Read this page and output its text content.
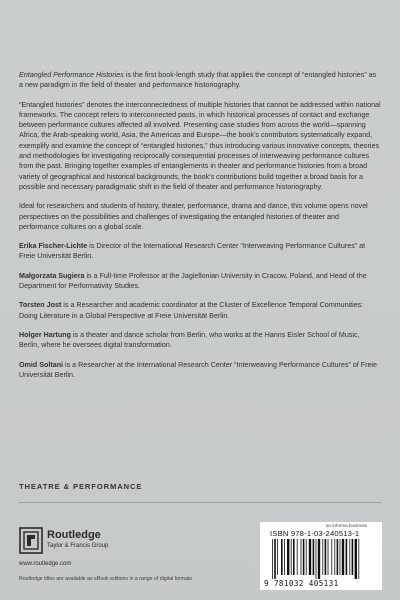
Entangled Performance Histories is the first book-length study that applies the concept of “entangled histories” as a new paradigm in the field of theater and performance historiography.

“Entangled histories” denotes the interconnectedness of multiple histories that cannot be addressed within national frameworks. The concept refers to interconnected pasts, in which historical processes of contact and exchange between performance cultures affected all involved. Presenting case studies from across the world—spanning Africa, the Arab-speaking world, Asia, the Americas and Europe—the book’s contributors systematically expand, exemplify and examine the concept of “entangled histories,” thus introducing various innovative concepts, theories and methodologies for investigating reciprocally consequential processes of interweaving performance cultures from the past. Bringing together examples of entanglements in theater and performance histories from a broad variety of geographical and historical backgrounds, the book’s contributions build together a broad basis for a possible and necessary paradigmatic shift in the field of theater and performance historiography.

Ideal for researchers and students of history, theater, performance, drama and dance, this volume opens novel perspectives on the possibilities and challenges of investigating the entangled histories of theater and performance cultures on a global scale.

Erika Fischer-Lichte is Director of the International Research Center “Interweaving Performance Cultures” at Freie Universität Berlin.

Małgorzata Sugiera is a Full-time Professor at the Jagiellonian University in Cracow, Poland, and Head of the Department for Performativity Studies.

Torsten Jost is a Researcher and academic coordinator at the Cluster of Excellence Temporal Communities: Doing Literature in a Global Perspective at Freie Universität Berlin.

Holger Hartung is a theater and dance scholar from Berlin, who works at the Hanns Eisler School of Music, Berlin, where he oversees digital transformation.

Omid Soltani is a Researcher at the International Research Center “Interweaving Performance Cultures” of Freie Universität Berlin.

THEATRE & PERFORMANCE
Routledge
Taylor & Francis Group
www.routledge.com
Routledge titles are available as eBook editions in a range of digital formats
an informa business
ISBN 978-1-03-240513-1
9 781032 405131
